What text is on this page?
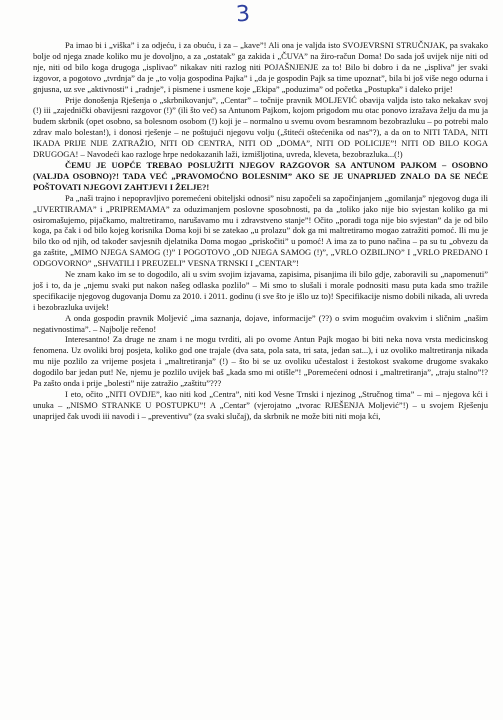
3

Pa imao bi i „viška” i za odjeću, i za obuću, i za – „kave”! Ali ona je valjda isto SVOJEVRSNI STRUČNJAK, pa svakako bolje od njega znade koliko mu je dovoljno, a za „ostatak” ga zakida i „ČUVA” na žiro-račun Doma! Do sada još uvijek nije niti od nje, niti od bilo koga drugoga „isplivao” nikakav niti razlog niti POJAŠNJENJE za to! Bilo bi dobro i da ne „isplivа” jer svaki izgovor, a pogotovo „tvrdnja” da je „to volja gospodina Pajka” i „da je gospodin Pajk sa time upoznat”, bila bi još više nego odurna i gnjusna, uz sve „aktivnosti” i „radnje”, i pismene i usmene koje „Ekipa” „poduzima” od početka „Postupka” i daleko prije!

Prije donošenja Rješenja o „skrbnikovanju”, „Centar” – točnije pravnik MOLJEVIĆ obavija valjda isto tako nekakav svoj (!) iii „zajednički obavijesni razgovor (!)” (ili što već) sa Antunom Pajkom, kojom prigodom mu otac ponovo izražava želju da mu ja budem skrbnik (opet osobno, sa bolesnom osobom (!) koji je – normalno u svemu ovom besramnom bezobrazluku – po potrebi malo zdrav malo bolestan!), i donosi rješenje – ne poštujući njegovu volju („štiteći oštećenika od nas”?), a da on to NITI TADA, NITI IKADA PRIJE NIJE ZATRAŽIO, NITI OD CENTRA, NITI OD „DOMA”, NITI OD POLICIJE”! NITI OD BILO KOGA DRUGOGA! – Navodeći kao razloge hrpe nedokazanih laži, izmišljotina, uvreda, kleveta, bezobrazluka...(!)

ČEMU JE UOPĆE TREBAO POSLUŽITI NJEGOV RAZGOVOR SA ANTUNOM PAJKOM – OSOBNO (VALJDA OSOBNO)?! TADA VEĆ „PRAVOMOĆNO BOLESNIM” AKO SE JE UNAPRIJED ZNALO DA SE NEĆE POŠTOVATI NJEGOVI ZAHTJEVI I ŽELJE?!

Pa „naši trajno i nepopravljivo poremećeni obiteljski odnosi” nisu započeli sa započinjanjem „gomilanja” njegovog duga ili „UVERTIRAMA” i „PRIPREMAMA” za oduzimanjem poslovne sposobnosti, pa da „toliko jako nije bio svjestan koliko ga mi osiromašujemo, pijačkamo, maltretiramo, narušavamo mu i zdravstveno stanje”! Očito „poradi toga nije bio svjestan” da je od bilo koga, pa čak i od bilo kojeg korisnika Doma koji bi se zatekao „u prolazu” dok ga mi maltretiramo mogao zatražiti pomoć. Ili mu je bilo tko od njih, od također savjesnih djelatnika Doma mogao „priskočiti” u pomoć! A ima za to puno načina – pa su tu „obvezu da ga zaštite, „MIMO NJEGA SAMOG (!)” I POGOTOVO „OD NJEGA SAMOG (!)”, „VRLO OZBILJNO” I „VRLO PREDANO I ODGOVORNO” „SHVATILI I PREUZELI” VESNA TRNSKI I „CENTAR”!

Ne znam kako im se to dogodilo, ali u svim svojim izjavama, zapisima, pisanjima ili bilo gdje, zaboravili su „napomenuti” još i to, da je „njemu svaki put nakon našeg odlaska pozlilo” – Mi smo to slušali i morale podnositi masu puta kada smo tražile specifikacije njegovog dugovanja Domu za 2010. i 2011. godinu (i sve što je išlo uz to)! Specifikacije nismo dobili nikada, ali uvreda i bezobrazluka uvijek!

A onda gospodin pravnik Moljević „ima saznanja, dojave, informacije” (??) o svim mogućim ovakvim i sličnim „našim negativnostima”. – Najbolje rečeno!

Interesantno! Za druge ne znam i ne mogu tvrditi, ali po ovome Antun Pajk mogao bi biti neka nova vrsta medicinskog fenomena. Uz ovoliki broj posjeta, koliko god one trajale (dva sata, pola sata, tri sata, jedan sat...), i uz ovoliko maltretiranja nikada mu nije pozlilo za vrijeme posjeta i „maltretiranja” (!) – što bi se uz ovoliku učestalost i žestokost svakome drugome svakako dogodilo bar jedan put! Ne, njemu je pozlilo uvijek baš „kada smo mi otišle”! „Poremećeni odnosi i „maltretiranja”, „traju stalno”!? Pa zašto onda i prije „bolesti” nije zatražio „zaštitu”???

I eto, očito „NITI OVDJE”, kao niti kod „Centra”, niti kod Vesne Trnski i njezinog „Stručnog tima” – mi – njegova kći i unuka – „NISMO STRANKE U POSTUPKU”! A „Centar” (vjerojatno „tvorac RJEŠENJA Moljević”!) – u svojem Rješenju unaprijed čak uvodi iii navodi i – „preventivu” (za svaki slučaj), da skrbnik ne može biti niti moja kći,
